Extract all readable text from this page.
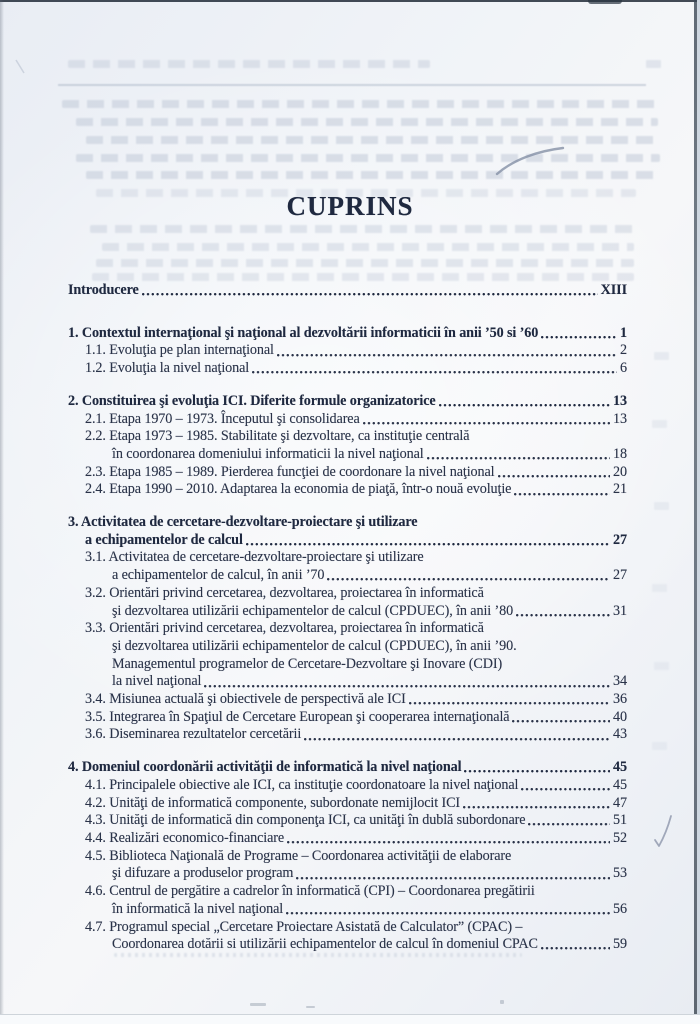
CUPRINS
Introducere	XIII
1. Contextul internaţional şi naţional al dezvoltării informaticii în anii ’50 si ’60	1
1.1. Evoluţia pe plan internaţional	2
1.2. Evoluţia la nivel naţional	6
2. Constituirea şi evoluţia ICI. Diferite formule organizatorice	13
2.1. Etapa 1970 – 1973. Începutul şi consolidarea	13
2.2. Etapa 1973 – 1985. Stabilitate şi dezvoltare, ca instituţie centrală
în coordonarea domeniului informaticii la nivel naţional	18
2.3. Etapa 1985 – 1989. Pierderea funcţiei de coordonare la nivel naţional	20
2.4. Etapa 1990 – 2010. Adaptarea la economia de piaţă, într-o nouă evoluţie	21
3. Activitatea de cercetare-dezvoltare-proiectare şi utilizare
a echipamentelor de calcul	27
3.1. Activitatea de cercetare-dezvoltare-proiectare şi utilizare
a echipamentelor de calcul, în anii ’70	27
3.2. Orientări privind cercetarea, dezvoltarea, proiectarea în informatică
şi dezvoltarea utilizării echipamentelor de calcul (CPDUEC), în anii ’80	31
3.3. Orientări privind cercetarea, dezvoltarea, proiectarea în informatică
şi dezvoltarea utilizării echipamentelor de calcul (CPDUEC), în anii ’90.
Managementul programelor de Cercetare-Dezvoltare şi Inovare (CDI)
la nivel naţional	34
3.4. Misiunea actuală şi obiectivele de perspectivă ale ICI	36
3.5. Integrarea în Spaţiul de Cercetare European şi cooperarea internaţională	40
3.6. Diseminarea rezultatelor cercetării	43
4. Domeniul coordonării activităţii de informatică la nivel naţional	45
4.1. Principalele obiective ale ICI, ca instituţie coordonatoare la nivel naţional	45
4.2. Unităţi de informatică componente, subordonate nemijlocit ICI	47
4.3. Unităţi de informatică din componenţa ICI, ca unităţi în dublă subordonare	51
4.4. Realizări economico-financiare	52
4.5. Biblioteca Naţională de Programe – Coordonarea activităţii de elaborare
şi difuzare a produselor program	53
4.6. Centrul de pergătire a cadrelor în informatică (CPI) – Coordonarea pregătirii
în informatică la nivel naţional	56
4.7. Programul special „Cercetare Proiectare Asistată de Calculator” (CPAC) –
Coordonarea dotării si utilizării echipamentelor de calcul în domeniul CPAC	59
